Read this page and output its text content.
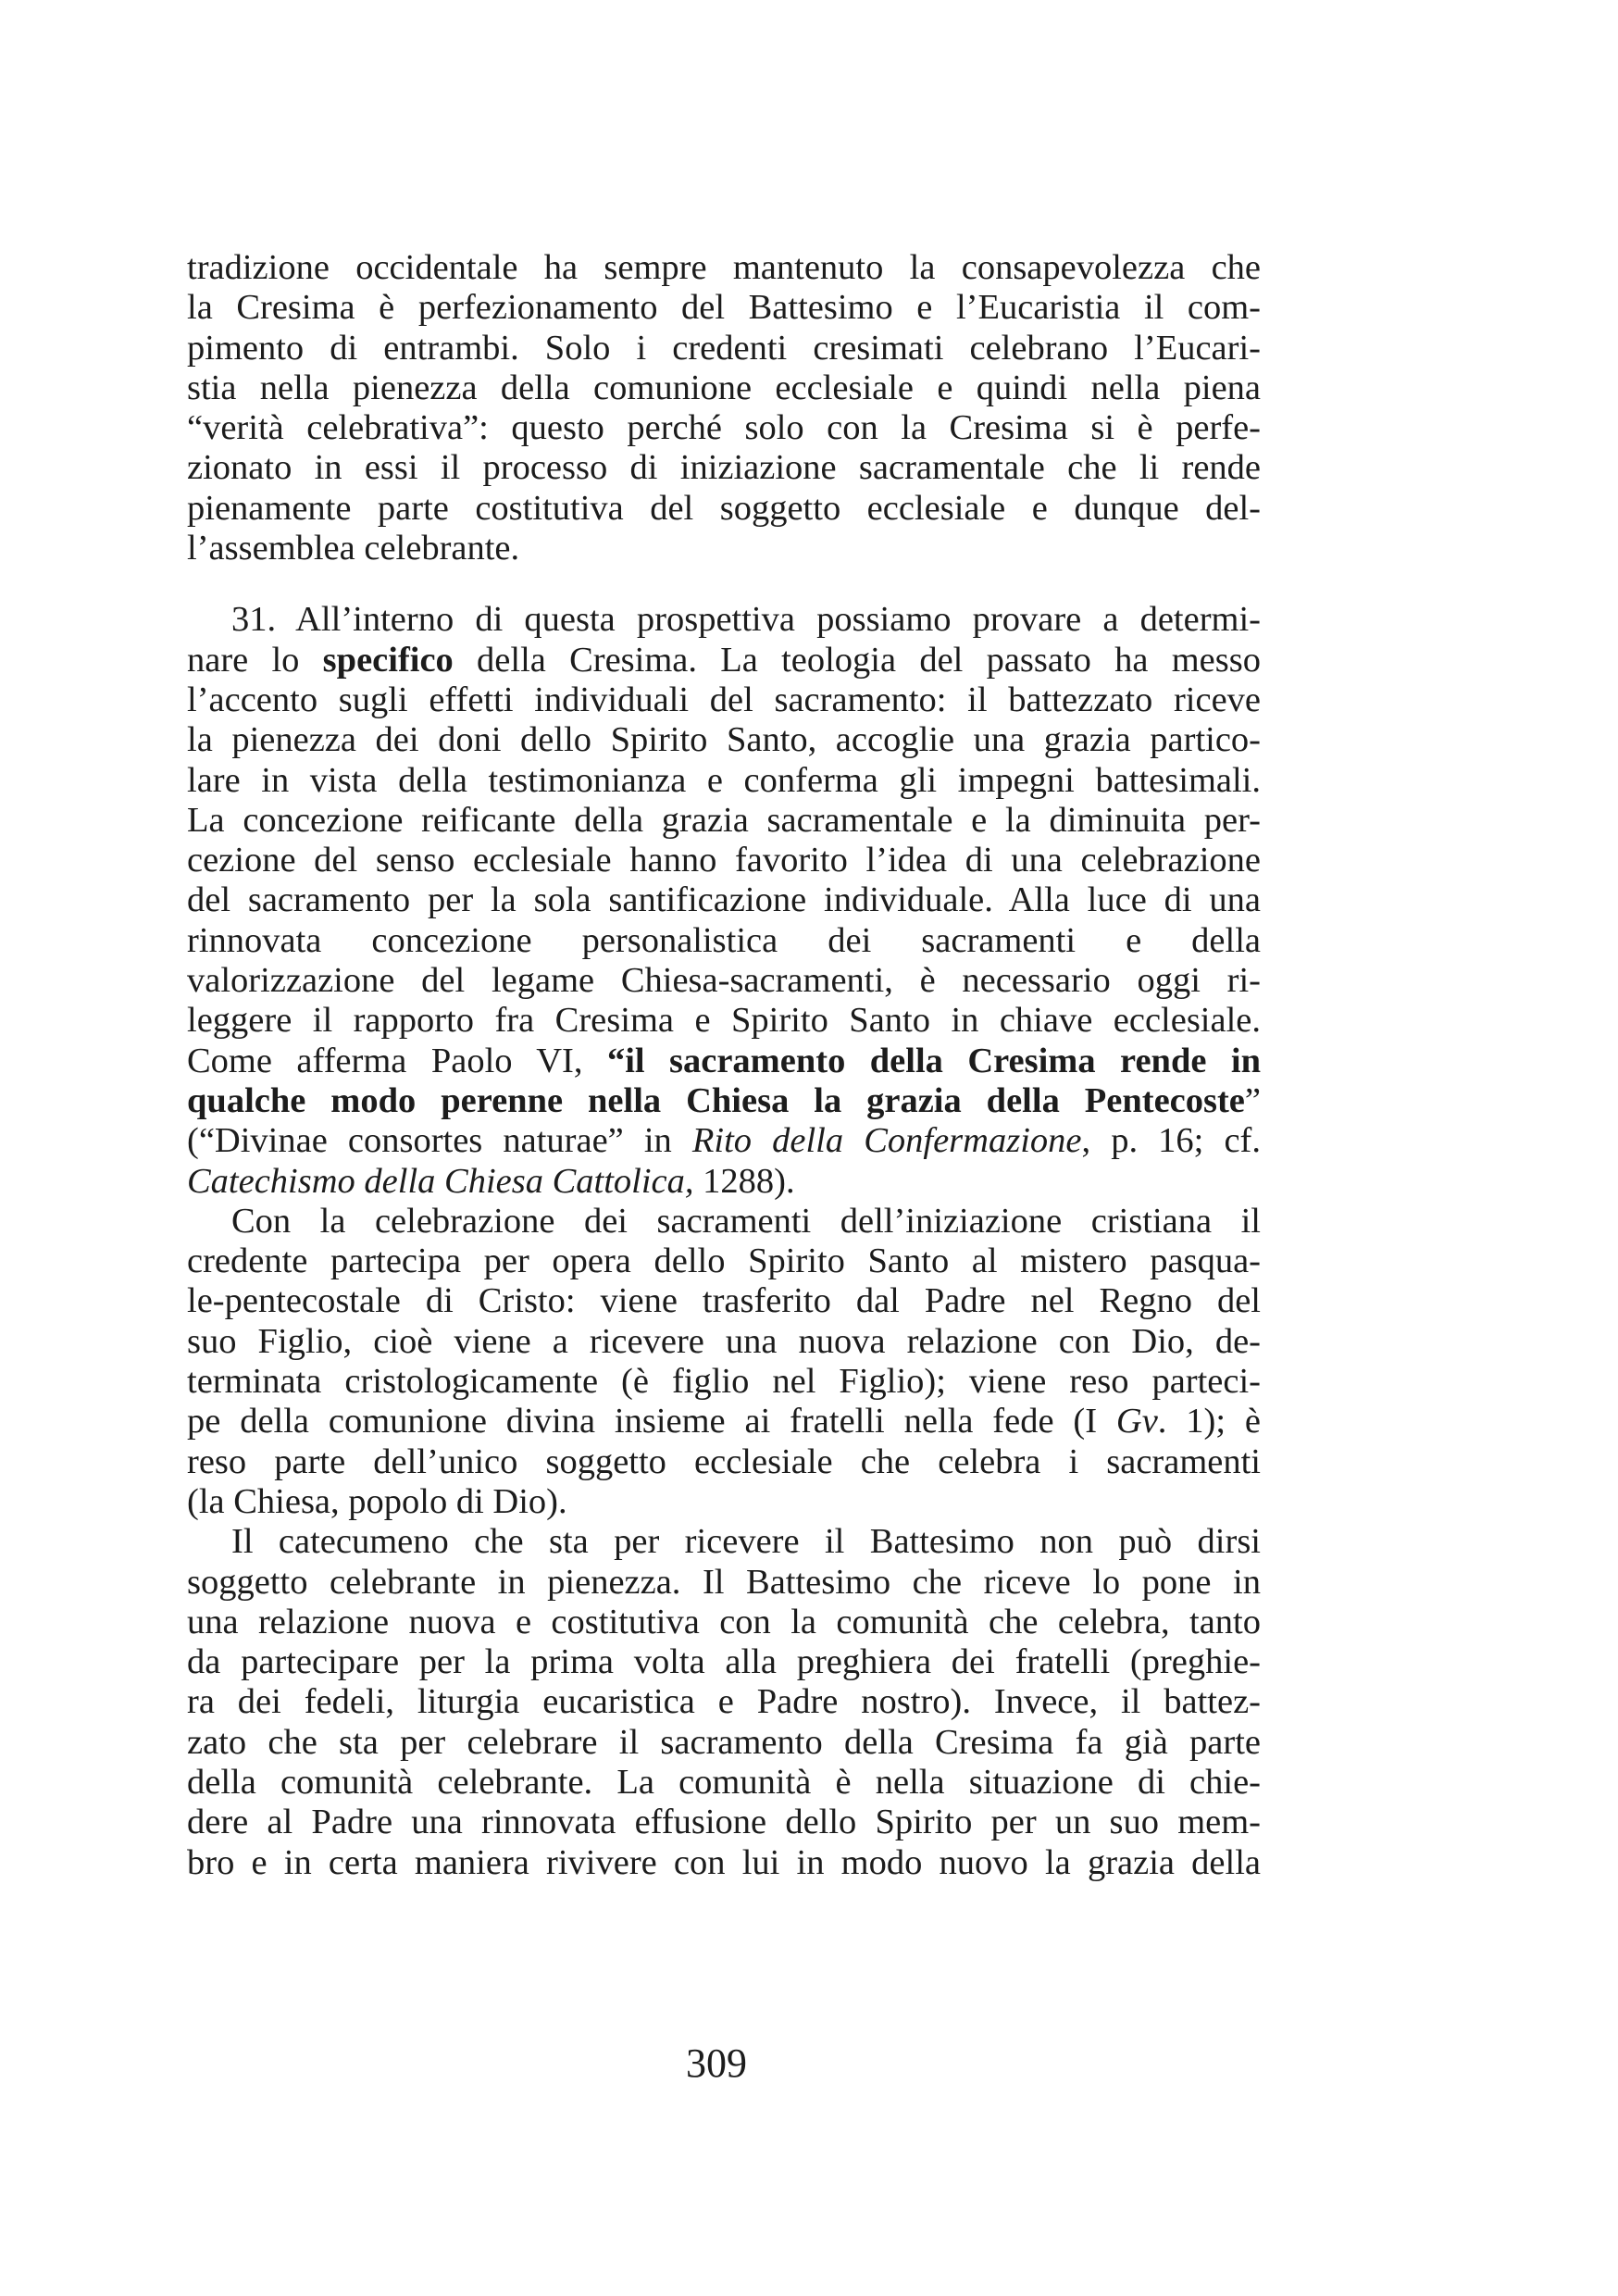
tradizione occidentale ha sempre mantenuto la consapevolezza che
la Cresima è perfezionamento del Battesimo e l’Eucaristia il com-
pimento di entrambi. Solo i credenti cresimati celebrano l’Eucari-
stia nella pienezza della comunione ecclesiale e quindi nella piena
“verità celebrativa”: questo perché solo con la Cresima si è perfe-
zionato in essi il processo di iniziazione sacramentale che li rende
pienamente parte costitutiva del soggetto ecclesiale e dunque del-
l’assemblea celebrante.
31. All’interno di questa prospettiva possiamo provare a determi-
nare lo specifico della Cresima. La teologia del passato ha messo
l’accento sugli effetti individuali del sacramento: il battezzato riceve
la pienezza dei doni dello Spirito Santo, accoglie una grazia partico-
lare in vista della testimonianza e conferma gli impegni battesimali.
La concezione reificante della grazia sacramentale e la diminuita per-
cezione del senso ecclesiale hanno favorito l’idea di una celebrazione
del sacramento per la sola santificazione individuale. Alla luce di una
rinnovata concezione personalistica dei sacramenti e della
valorizzazione del legame Chiesa-sacramenti, è necessario oggi ri-
leggere il rapporto fra Cresima e Spirito Santo in chiave ecclesiale.
Come afferma Paolo VI, “il sacramento della Cresima rende in
qualche modo perenne nella Chiesa la grazia della Pentecoste”
(“Divinae consortes naturae” in Rito della Confermazione, p. 16; cf.
Catechismo della Chiesa Cattolica, 1288).
Con la celebrazione dei sacramenti dell’iniziazione cristiana il
credente partecipa per opera dello Spirito Santo al mistero pasqua-
le-pentecostale di Cristo: viene trasferito dal Padre nel Regno del
suo Figlio, cioè viene a ricevere una nuova relazione con Dio, de-
terminata cristologicamente (è figlio nel Figlio); viene reso parteci-
pe della comunione divina insieme ai fratelli nella fede (I Gv. 1); è
reso parte dell’unico soggetto ecclesiale che celebra i sacramenti
(la Chiesa, popolo di Dio).
Il catecumeno che sta per ricevere il Battesimo non può dirsi
soggetto celebrante in pienezza. Il Battesimo che riceve lo pone in
una relazione nuova e costitutiva con la comunità che celebra, tanto
da partecipare per la prima volta alla preghiera dei fratelli (preghie-
ra dei fedeli, liturgia eucaristica e Padre nostro). Invece, il battez-
zato che sta per celebrare il sacramento della Cresima fa già parte
della comunità celebrante. La comunità è nella situazione di chie-
dere al Padre una rinnovata effusione dello Spirito per un suo mem-
bro e in certa maniera rivivere con lui in modo nuovo la grazia della
309
